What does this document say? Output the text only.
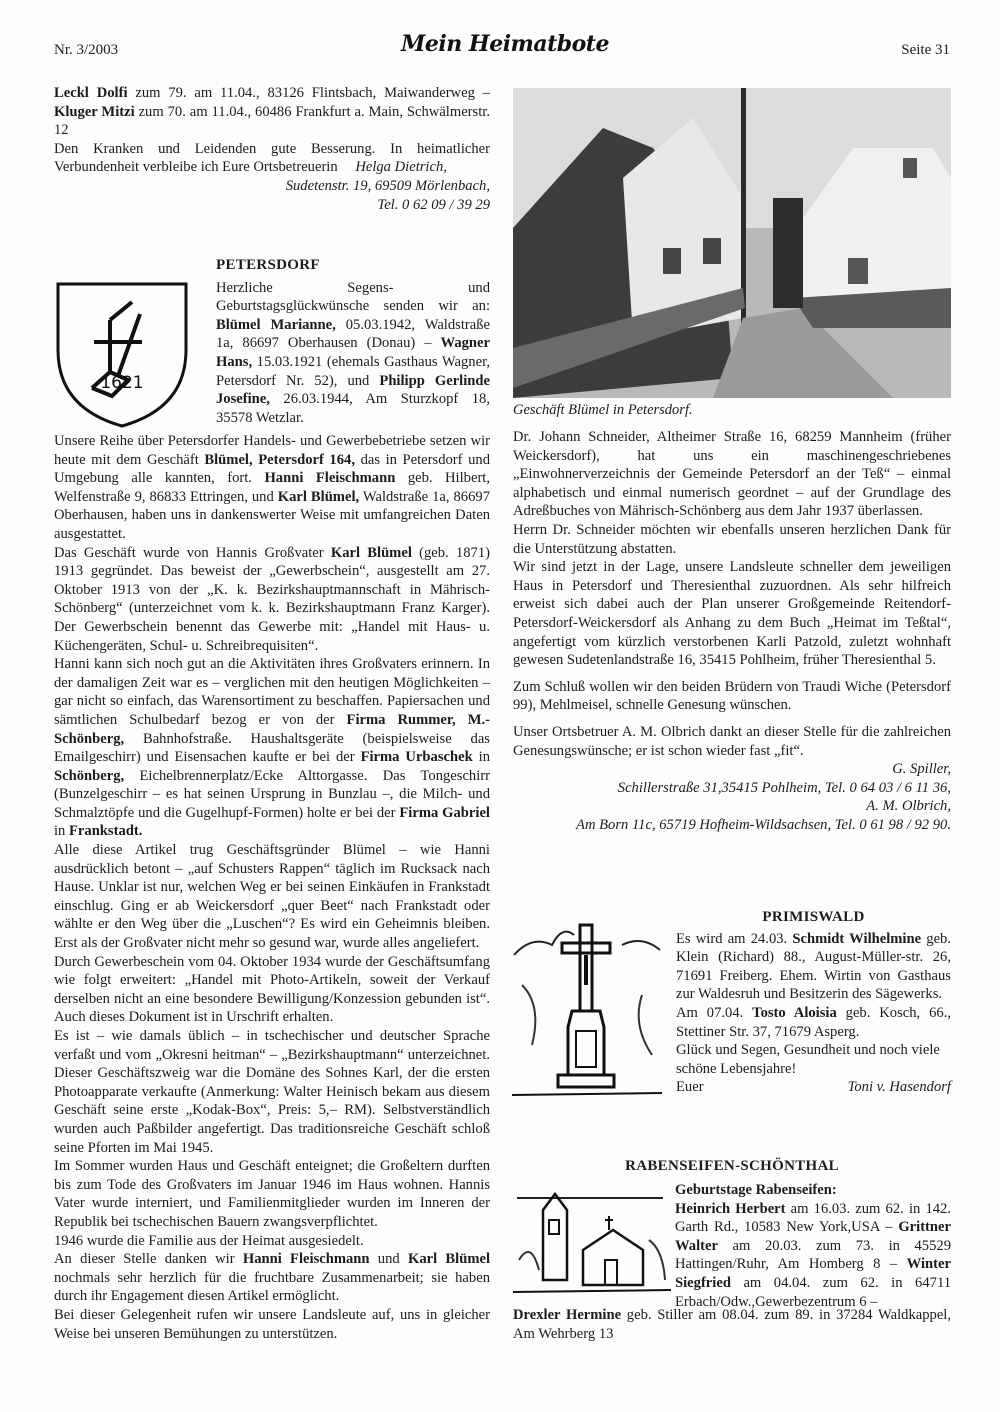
Nr. 3/2003	Mein Heimatbote	Seite 31

Leckl Dolfi zum 79. am 11.04., 83126 Flintsbach, Maiwanderweg – Kluger Mitzi zum 70. am 11.04., 60486 Frankfurt a. Main, Schwälmerstr. 12

Den Kranken und Leidenden gute Besserung. In heimatlicher Verbundenheit verbleibe ich Eure Ortsbetreuerin Helga Dietrich,

Sudetenstr. 19, 69509 Mörlenbach,

Tel. 0 62 09 / 39 29

1621
PETERSDORF

Herzliche Segens- und Geburtstagsglückwünsche senden wir an: Blümel Marianne, 05.03.1942, Waldstraße 1a, 86697 Oberhausen (Donau) – Wagner Hans, 15.03.1921 (ehemals Gasthaus Wagner, Petersdorf Nr. 52), und Philipp Gerlinde Josefine, 26.03.1944, Am Sturzkopf 18, 35578 Wetzlar.

Unsere Reihe über Petersdorfer Handels- und Gewerbebetriebe setzen wir heute mit dem Geschäft Blümel, Petersdorf 164, das in Petersdorf und Umgebung alle kannten, fort. Hanni Fleischmann geb. Hilbert, Welfenstraße 9, 86833 Ettringen, und Karl Blümel, Waldstraße 1a, 86697 Oberhausen, haben uns in dankenswerter Weise mit umfangreichen Daten ausgestattet.

Das Geschäft wurde von Hannis Großvater Karl Blümel (geb. 1871) 1913 gegründet. Das beweist der „Gewerbschein“, ausgestellt am 27. Oktober 1913 von der „K. k. Bezirkshauptmannschaft in Mährisch-Schönberg“ (unterzeichnet vom k. k. Bezirkshauptmann Franz Karger). Der Gewerbschein benennt das Gewerbe mit: „Handel mit Haus- u. Küchengeräten, Schul- u. Schreibrequisiten“.

Hanni kann sich noch gut an die Aktivitäten ihres Großvaters erinnern. In der damaligen Zeit war es – verglichen mit den heutigen Möglichkeiten – gar nicht so einfach, das Warensortiment zu beschaffen. Papiersachen und sämtlichen Schulbedarf bezog er von der Firma Rummer, M.-Schönberg, Bahnhofstraße. Haushaltsgeräte (beispielsweise das Emailgeschirr) und Eisensachen kaufte er bei der Firma Urbaschek in Schönberg, Eichelbrennerplatz/Ecke Alttorgasse. Das Tongeschirr (Bunzelgeschirr – es hat seinen Ursprung in Bunzlau –, die Milch- und Schmalztöpfe und die Gugelhupf-Formen) holte er bei der Firma Gabriel in Frankstadt.

Alle diese Artikel trug Geschäftsgründer Blümel – wie Hanni ausdrücklich betont – „auf Schusters Rappen“ täglich im Rucksack nach Hause. Unklar ist nur, welchen Weg er bei seinen Einkäufen in Frankstadt einschlug. Ging er ab Weickersdorf „quer Beet“ nach Frankstadt oder wählte er den Weg über die „Luschen“? Es wird ein Geheimnis bleiben. Erst als der Großvater nicht mehr so gesund war, wurde alles angeliefert.

Durch Gewerbeschein vom 04. Oktober 1934 wurde der Geschäftsumfang wie folgt erweitert: „Handel mit Photo-Artikeln, soweit der Verkauf derselben nicht an eine besondere Bewilligung/Konzession gebunden ist“. Auch dieses Dokument ist in Urschrift erhalten.

Es ist – wie damals üblich – in tschechischer und deutscher Sprache verfaßt und vom „Okresni heitman“ – „Bezirkshauptmann“ unterzeichnet. Dieser Geschäftszweig war die Domäne des Sohnes Karl, der die ersten Photoapparate verkaufte (Anmerkung: Walter Heinisch bekam aus diesem Geschäft seine erste „Kodak-Box“, Preis: 5,– RM). Selbstverständlich wurden auch Paßbilder angefertigt. Das traditionsreiche Geschäft schloß seine Pforten im Mai 1945.

Im Sommer wurden Haus und Geschäft enteignet; die Großeltern durften bis zum Tode des Großvaters im Januar 1946 im Haus wohnen. Hannis Vater wurde interniert, und Familienmitglieder wurden im Inneren der Republik bei tschechischen Bauern zwangsverpflichtet.

1946 wurde die Familie aus der Heimat ausgesiedelt.

An dieser Stelle danken wir Hanni Fleischmann und Karl Blümel nochmals sehr herzlich für die fruchtbare Zusammenarbeit; sie haben durch ihr Engagement diesen Artikel ermöglicht.

Bei dieser Gelegenheit rufen wir unsere Landsleute auf, uns in gleicher Weise bei unseren Bemühungen zu unterstützen.

Geschäft Blümel in Petersdorf.

Dr. Johann Schneider, Altheimer Straße 16, 68259 Mannheim (früher Weickersdorf), hat uns ein maschinengeschriebenes „Einwohnerverzeichnis der Gemeinde Petersdorf an der Teß“ – einmal alphabetisch und einmal numerisch geordnet – auf der Grundlage des Adreßbuches von Mährisch-Schönberg aus dem Jahr 1937 überlassen.

Herrn Dr. Schneider möchten wir ebenfalls unseren herzlichen Dank für die Unterstützung abstatten.

Wir sind jetzt in der Lage, unsere Landsleute schneller dem jeweiligen Haus in Petersdorf und Theresienthal zuzuordnen. Als sehr hilfreich erweist sich dabei auch der Plan unserer Großgemeinde Reitendorf-Petersdorf-Weickersdorf als Anhang zu dem Buch „Heimat im Teßtal“, angefertigt vom kürzlich verstorbenen Karli Patzold, zuletzt wohnhaft gewesen Sudetenlandstraße 16, 35415 Pohlheim, früher Theresienthal 5.

Zum Schluß wollen wir den beiden Brüdern von Traudi Wiche (Petersdorf 99), Mehlmeisel, schnelle Genesung wünschen.

Unser Ortsbetruer A. M. Olbrich dankt an dieser Stelle für die zahlreichen Genesungswünsche; er ist schon wieder fast „fit“.

G. Spiller,

Schillerstraße 31,35415 Pohlheim, Tel. 0 64 03 / 6 11 36,

A. M. Olbrich,

Am Born 11c, 65719 Hofheim-Wildsachsen, Tel. 0 61 98 / 92 90.

PRIMISWALD

Es wird am 24.03. Schmidt Wilhelmine geb. Klein (Richard) 88., August-Müller-str. 26, 71691 Freiberg. Ehem. Wirtin von Gasthaus zur Waldesruh und Besitzerin des Sägewerks.

Am 07.04. Tosto Aloisia geb. Kosch, 66., Stettiner Str. 37, 71679 Asperg.

Glück und Segen, Gesundheit und noch viele schöne Lebensjahre!

Euer	Toni v. Hasendorf

RABENSEIFEN-SCHÖNTHAL

Geburtstage Rabenseifen:

Heinrich Herbert am 16.03. zum 62. in 142. Garth Rd., 10583 New York,USA – Grittner Walter am 20.03. zum 73. in 45529 Hattingen/Ruhr, Am Homberg 8 – Winter Siegfried am 04.04. zum 62. in 64711 Erbach/Odw.,Gewerbezentrum 6 –

Drexler Hermine geb. Stiller am 08.04. zum 89. in 37284 Waldkappel, Am Wehrberg 13
